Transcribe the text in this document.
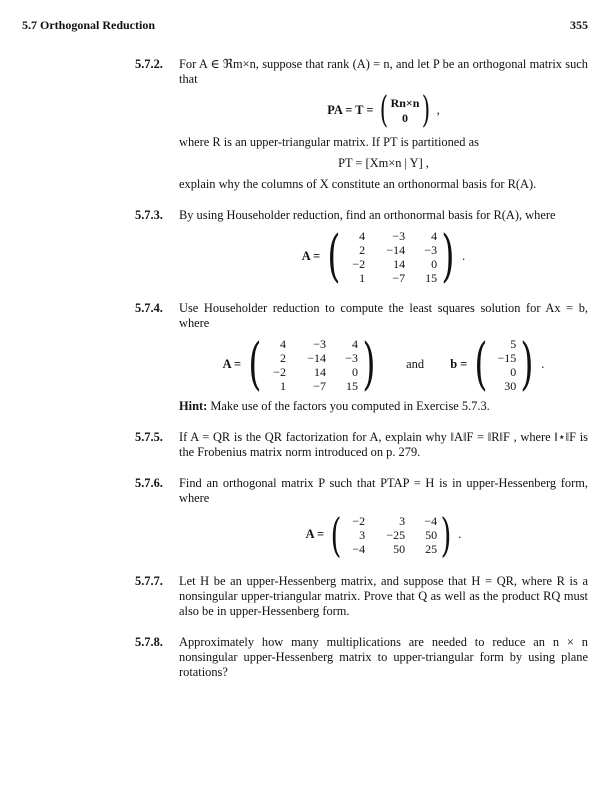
5.7 Orthogonal Reduction	355
5.7.2. For A ∈ ℜm×n, suppose that rank (A) = n, and let P be an orthogonal matrix such that
PA = T = ( Rn×n
0 ) ,
where R is an upper-triangular matrix. If PT is partitioned as
PT = [Xm×n | Y] ,
explain why the columns of X constitute an orthonormal basis for R(A).
5.7.3. By using Householder reduction, find an orthonormal basis for R(A), where
A = (	4	−3	4
2	−14	−3
−2	14	0
1	−7	15 ) .
5.7.4. Use Householder reduction to compute the least squares solution for Ax = b, where
A = (	4	−3	4
2	−14	−3
−2	14	0
1	−7	15 ) and b = (	5
−15
0
30 ) .
Hint: Make use of the factors you computed in Exercise 5.7.3.
5.7.5. If A = QR is the QR factorization for A, explain why ‖A‖F = ‖R‖F , where ‖⋆‖F is the Frobenius matrix norm introduced on p. 279.
5.7.6. Find an orthogonal matrix P such that PTAP = H is in upper-Hessenberg form, where
A = ( −2	3	−4
3	−25	50
−4	50	25 ) .
5.7.7. Let H be an upper-Hessenberg matrix, and suppose that H = QR, where R is a nonsingular upper-triangular matrix. Prove that Q as well as the product RQ must also be in upper-Hessenberg form.
5.7.8. Approximately how many multiplications are needed to reduce an n × n nonsingular upper-Hessenberg matrix to upper-triangular form by using plane rotations?
